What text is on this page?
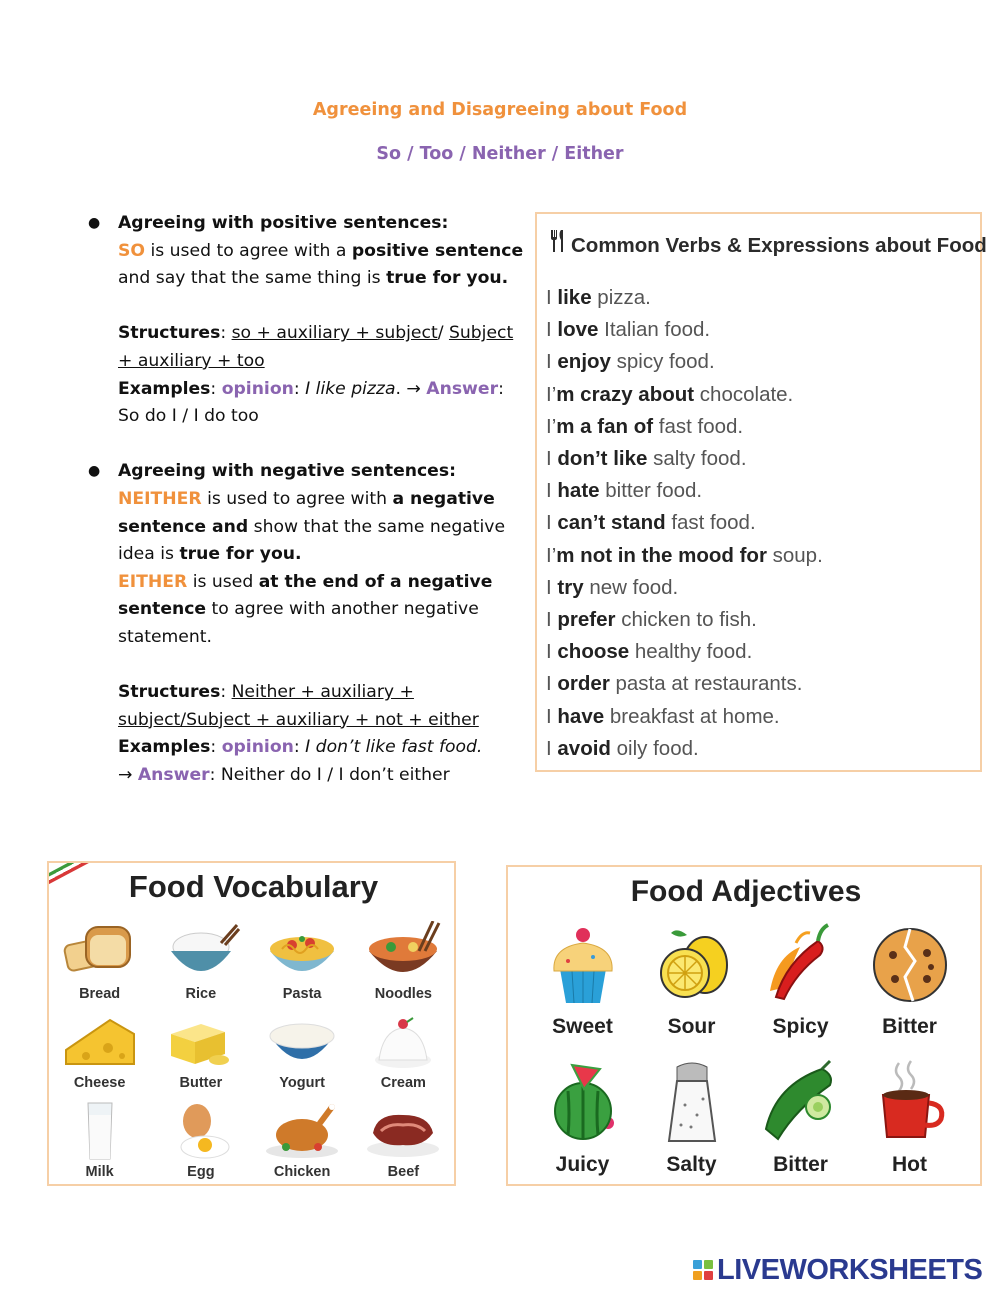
Agreeing and Disagreeing about Food
So / Too / Neither / Either
● Agreeing with positive sentences:

SO is used to agree with a positive sentence and say that the same thing is true for you.

Structures: so + auxiliary + subject/ Subject + auxiliary + too

Examples: opinion: I like pizza. → Answer: So do I / I do too

● Agreeing with negative sentences:

NEITHER is used to agree with a negative sentence and show that the same negative idea is true for you.

EITHER is used at the end of a negative sentence to agree with another negative statement.

Structures: Neither + auxiliary + subject/Subject + auxiliary + not + either

Examples: opinion: I don’t like fast food.
→ Answer: Neither do I / I don’t either

Common Verbs & Expressions about Food
I like pizza.
I love Italian food.
I enjoy spicy food.
I’m crazy about chocolate.
I’m a fan of fast food.
I don’t like salty food.
I hate bitter food.
I can’t stand fast food.
I’m not in the mood for soup.
I try new food.
I prefer chicken to fish.
I choose healthy food.
I order pasta at restaurants.
I have breakfast at home.
I avoid oily food.
Food Vocabulary
Bread	Rice	Pasta	Noodles
Cheese	Butter	Yogurt	Cream
Milk	Egg	Chicken	Beef
Food Adjectives
Sweet	Sour	Spicy	Bitter
Juicy	Salty	Bitter	Hot
LIVEWORKSHEETS
